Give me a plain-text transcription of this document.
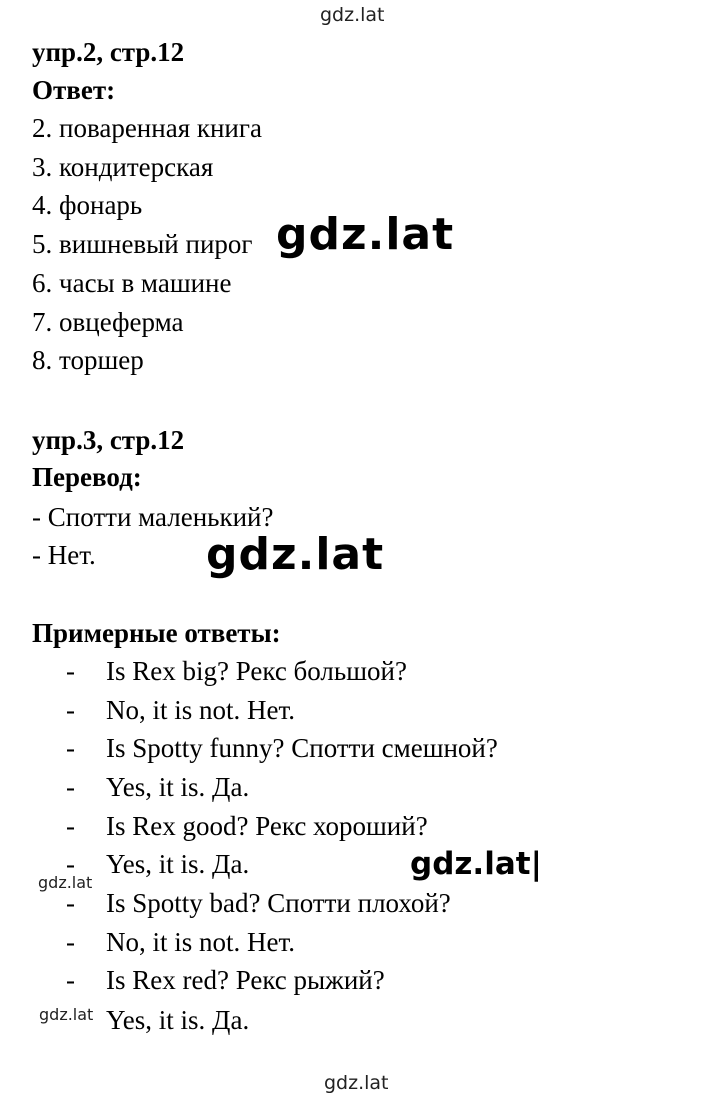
gdz.lat
упр.2, стр.12
Ответ:
2. поваренная книга
3. кондитерская
4. фонарь
5. вишневый пирог
6. часы в машине
7. овцеферма
8. торшер
gdz.lat
упр.3, стр.12
Перевод:
- Спотти маленький?
- Нет.	gdz.lat
Примерные ответы:
-
-
-
-
-
-
-
-
-
Is Rex big? Рекс большой?
No, it is not. Нет.
Is Spotty funny? Спотти смешной?
Yes, it is. Да.
Is Rex good? Рекс хороший?
Yes, it is. Да.
Is Spotty bad? Спотти плохой?
No, it is not. Нет.
Is Rex red? Рекс рыжий?
Yes, it is. Да.
gdz.lat
gdz.lat|
gdz.lat
gdz.lat
